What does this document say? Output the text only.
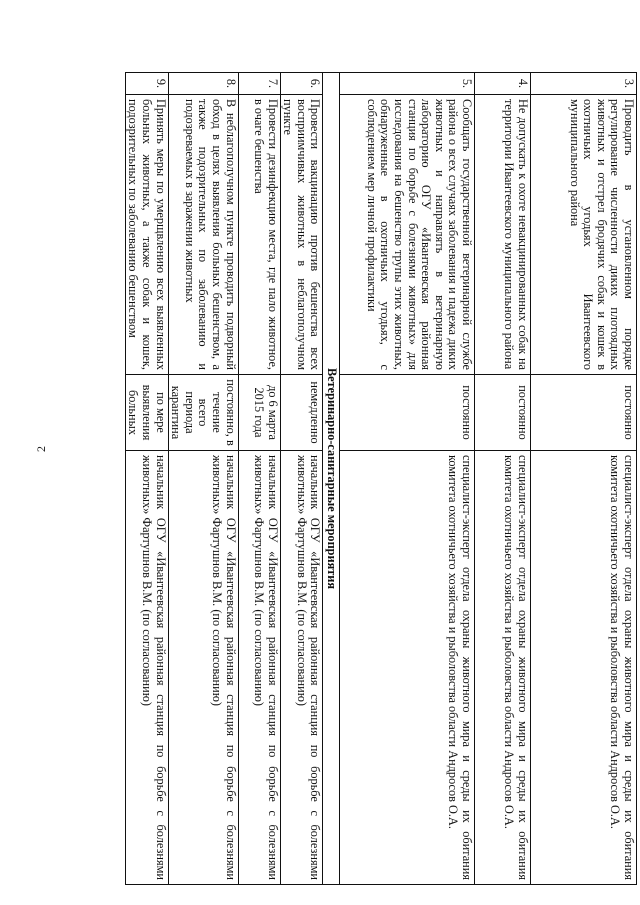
2
3.	Проводить в установленном порядке регулирование численности диких плотоядных животных и отстрел бродячих собак и кошек в охотничьих угодьях Ивантеевского муниципального района	постоянно	специалист-эксперт отдела охраны животного мира и среды их обитания комитета охотничьего хозяйства и рыболовства области Андросов О.А.
4.	Не допускать к охоте невакцинированных собак на территории Ивантеевского муниципального района	постоянно	специалист-эксперт отдела охраны животного мира и среды их обитания комитета охотничьего хозяйства и рыболовства области Андросов О.А.
5.	Сообщать государственной ветеринарной службе района о всех случаях заболевания и падежа диких животных и направлять в ветеринарную лабораторию ОГУ «Ивантеевская районная станция по борьбе с болезнями животных» для исследования на бешенство трупы этих животных, обнаруженные в охотничьих угодьях, с соблюдением мер личной профилактики	постоянно	специалист-эксперт отдела охраны животного мира и среды их обитания комитета охотничьего хозяйства и рыболовства области Андросов О.А.
Ветеринарно-санитарные мероприятия			
6.	Провести вакцинацию против бешенства всех восприимчивых животных в неблагополучном пункте	немедленно	начальник ОГУ «Ивантеевская районная станция по борьбе с болезнями животных» Фартушнов В.М. (по согласованию)
7.	Провести дезинфекцию места, где пало животное, в очаге бешенства	до 6 марта 2015 года	начальник ОГУ «Ивантеевская районная станция по борьбе с болезнями животных» Фартушнов В.М. (по согласованию)
8.	В неблагополучном пункте проводить подворный обход в целях выявления больных бешенством, а также подозрительных по заболеванию и подозреваемых в заражении животных	постоянно, в течение всего периода карантина	начальник ОГУ «Ивантеевская районная станция по борьбе с болезнями животных» Фартушнов В.М. (по согласованию)
9.	Принять меры по умерщвлению всех выявленных больных животных, а также собак и кошек, подозрительных по заболеванию бешенством	по мере выявления больных	начальник ОГУ «Ивантеевская районная станция по борьбе с болезнями животных» Фартушнов В.М. (по согласованию)
